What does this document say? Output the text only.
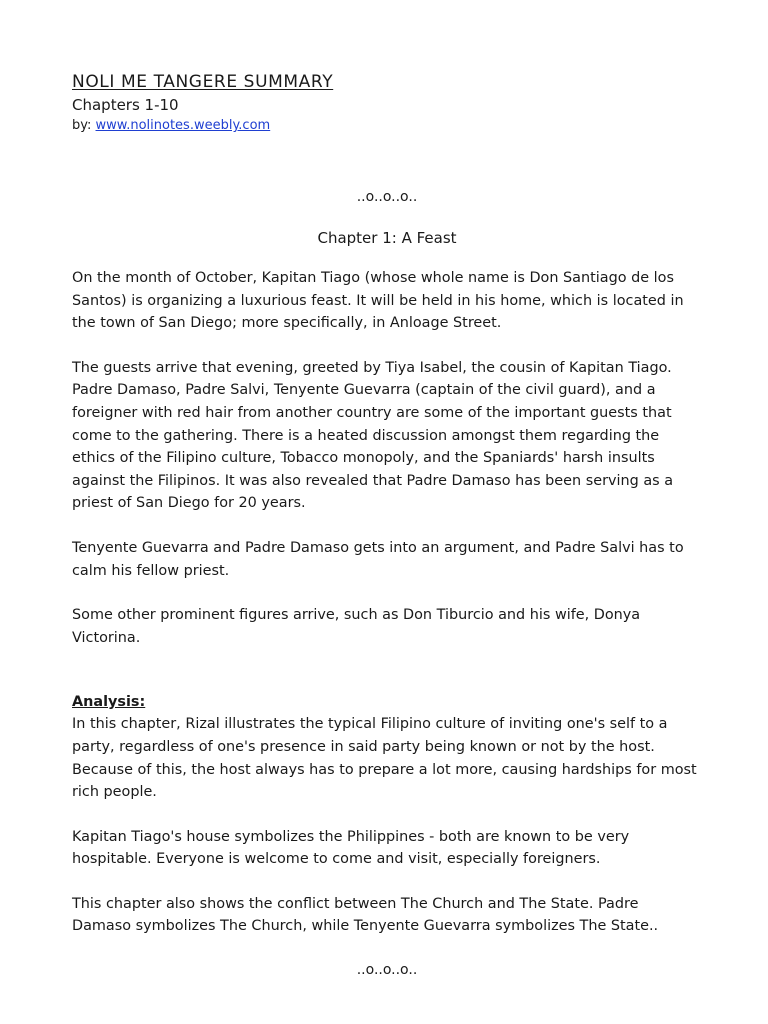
NOLI ME TANGERE SUMMARY

Chapters 1-10

by: www.nolinotes.weebly.com

..o..o..o..

Chapter 1: A Feast

On the month of October, Kapitan Tiago (whose whole name is Don Santiago de los Santos) is organizing a luxurious feast. It will be held in his home, which is located in the town of San Diego; more specifically, in Anloage Street.

The guests arrive that evening, greeted by Tiya Isabel, the cousin of Kapitan Tiago. Padre Damaso, Padre Salvi, Tenyente Guevarra (captain of the civil guard), and a foreigner with red hair from another country are some of the important guests that come to the gathering. There is a heated discussion amongst them regarding the ethics of the Filipino culture, Tobacco monopoly, and the Spaniards' harsh insults against the Filipinos. It was also revealed that Padre Damaso has been serving as a priest of San Diego for 20 years.

Tenyente Guevarra and Padre Damaso gets into an argument, and Padre Salvi has to calm his fellow priest.

Some other prominent figures arrive, such as Don Tiburcio and his wife, Donya Victorina.

Analysis:

In this chapter, Rizal illustrates the typical Filipino culture of inviting one's self to a party, regardless of one's presence in said party being known or not by the host. Because of this, the host always has to prepare a lot more, causing hardships for most rich people.

Kapitan Tiago's house symbolizes the Philippines - both are known to be very hospitable. Everyone is welcome to come and visit, especially foreigners.

This chapter also shows the conflict between The Church and The State. Padre Damaso symbolizes The Church, while Tenyente Guevarra symbolizes The State..

..o..o..o..
